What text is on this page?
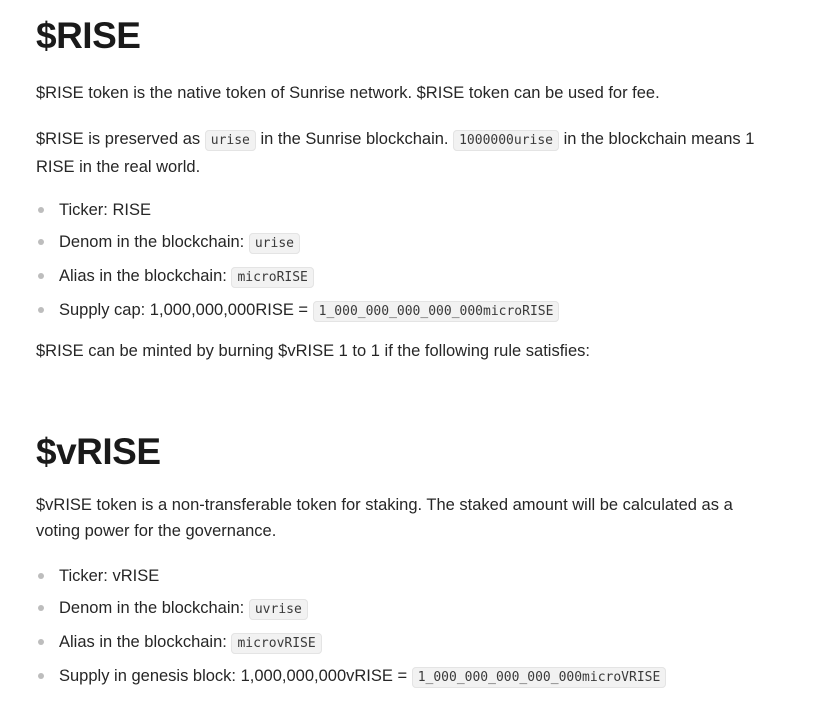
$RISE

$RISE token is the native token of Sunrise network. $RISE token can be used for fee.

$RISE is preserved as urise in the Sunrise blockchain. 1000000urise in the blockchain means 1 RISE in the real world.

Ticker: RISE
Denom in the blockchain: urise
Alias in the blockchain: microRISE
Supply cap: 1,000,000,000RISE = 1_000_000_000_000_000microRISE

$RISE can be minted by burning $vRISE 1 to 1 if the following rule satisfies:

$vRISE

$vRISE token is a non-transferable token for staking. The staked amount will be calculated as a voting power for the governance.

Ticker: vRISE
Denom in the blockchain: uvrise
Alias in the blockchain: microvRISE
Supply in genesis block: 1,000,000,000vRISE = 1_000_000_000_000_000microVRISE
